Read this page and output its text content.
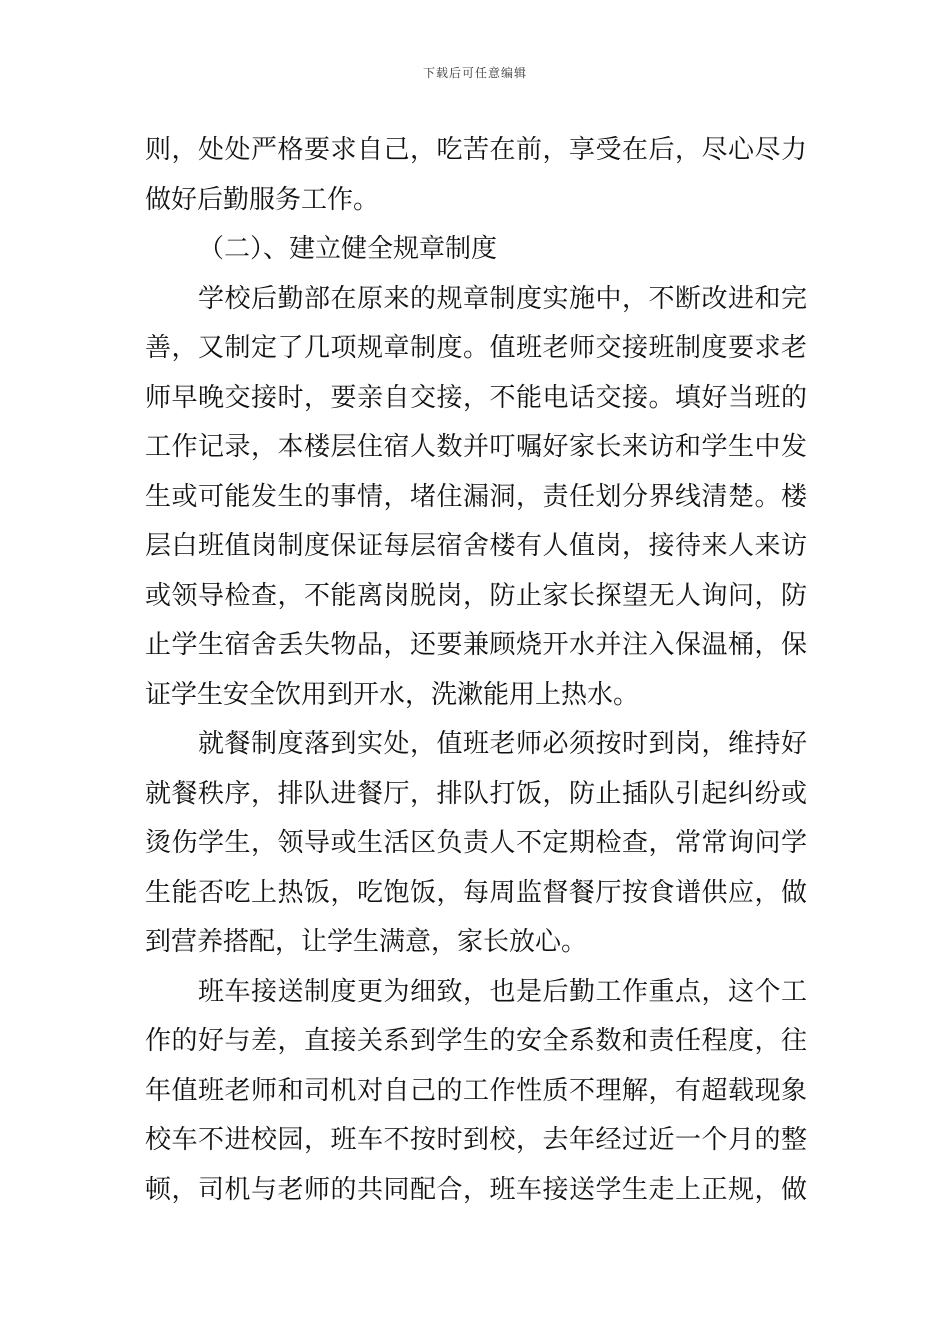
下载后可任意编辑
则，处处严格要求自己，吃苦在前，享受在后，尽心尽力
做好后勤服务工作。
（二）、建立健全规章制度
学校后勤部在原来的规章制度实施中，不断改进和完
善，又制定了几项规章制度。值班老师交接班制度要求老
师早晚交接时，要亲自交接，不能电话交接。填好当班的
工作记录，本楼层住宿人数并叮嘱好家长来访和学生中发
生或可能发生的事情，堵住漏洞，责任划分界线清楚。楼
层白班值岗制度保证每层宿舍楼有人值岗，接待来人来访
或领导检查，不能离岗脱岗，防止家长探望无人询问，防
止学生宿舍丢失物品，还要兼顾烧开水并注入保温桶，保
证学生安全饮用到开水，洗漱能用上热水。
就餐制度落到实处，值班老师必须按时到岗，维持好
就餐秩序，排队进餐厅，排队打饭，防止插队引起纠纷或
烫伤学生，领导或生活区负责人不定期检查，常常询问学
生能否吃上热饭，吃饱饭，每周监督餐厅按食谱供应，做
到营养搭配，让学生满意，家长放心。
班车接送制度更为细致，也是后勤工作重点，这个工
作的好与差，直接关系到学生的安全系数和责任程度，往
年值班老师和司机对自己的工作性质不理解，有超载现象
校车不进校园，班车不按时到校，去年经过近一个月的整
顿，司机与老师的共同配合，班车接送学生走上正规，做
